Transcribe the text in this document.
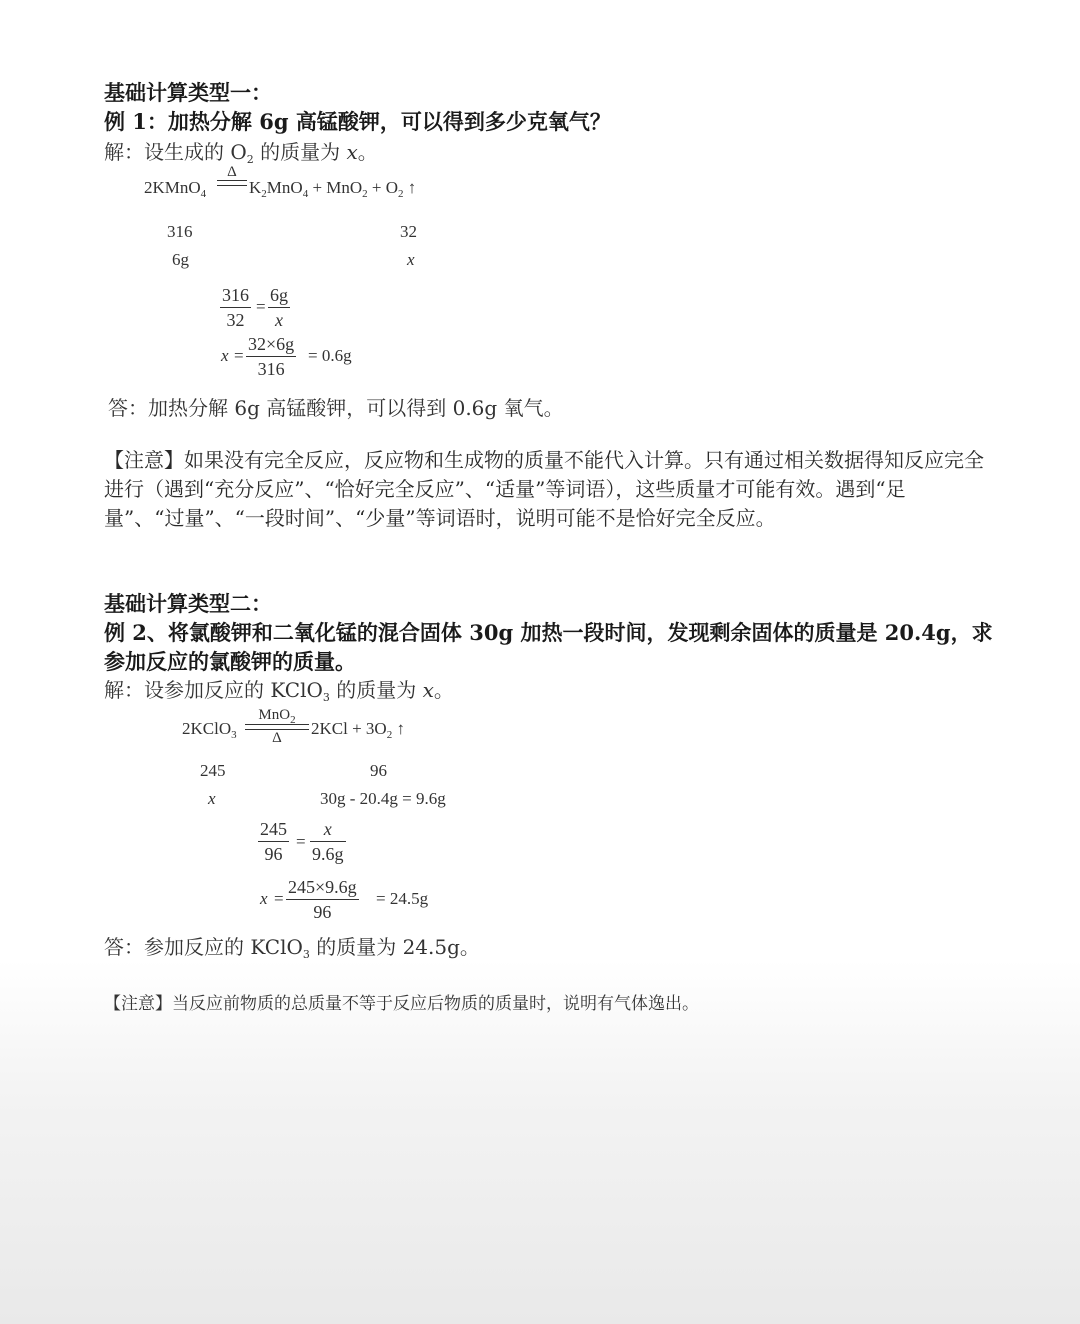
基础计算类型一：
例 1：加热分解 6g 高锰酸钾，可以得到多少克氧气？
解：设生成的 $O_2$ 的质量为 x。
2KMnO$_4$
Δ
$K_2MnO_4 + MnO_2 + O_2$ ↑
316	32
6g	x
316
32
=
6g
x
x =
32×6g
316
= 0.6g
答：加热分解 6g 高锰酸钾，可以得到 0.6g 氧气。
【注意】如果没有完全反应，反应物和生成物的质量不能代入计算。只有通过相关数据得知反应完全进行（遇到“充分反应”、“恰好完全反应”、“适量”等词语），这些质量才可能有效。遇到“足量”、“过量”、“一段时间”、“少量”等词语时，说明可能不是恰好完全反应。
基础计算类型二：
例 2、将氯酸钾和二氧化锰的混合固体 30g 加热一段时间，发现剩余固体的质量是 20.4g，求
参加反应的氯酸钾的质量。
解：设参加反应的 KClO$_3$ 的质量为 x。
2KClO$_3$
MnO$_2$
Δ $2KCl + 3O_2$ ↑
245	96
x	30g - 20.4g = 9.6g
245
96
=
x
9.6g
x =
245×9.6g
96
= 24.5g
答：参加反应的 KClO$_3$ 的质量为 24.5g。
【注意】当反应前物质的总质量不等于反应后物质的质量时，说明有气体逸出。
